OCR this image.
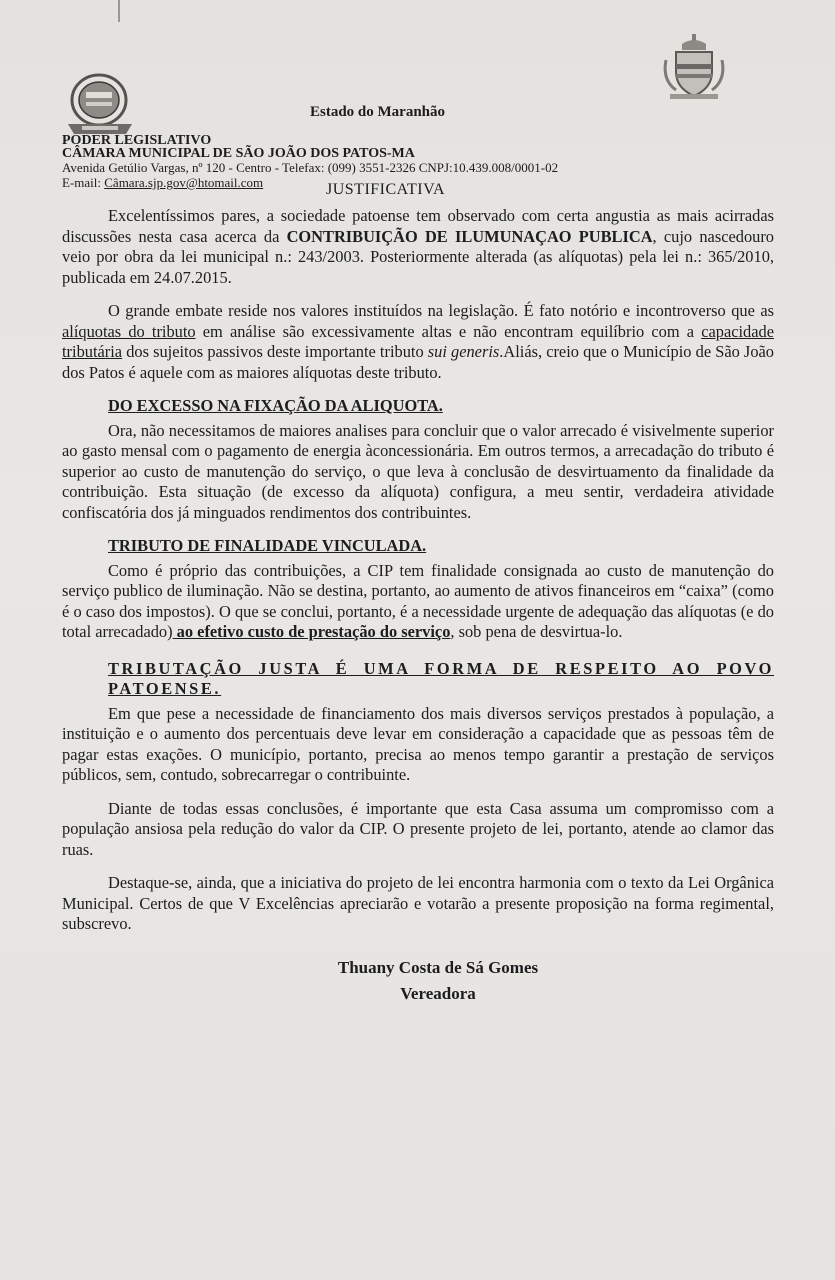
Estado do Maranhão
PODER LEGISLATIVO
CÂMARA MUNICIPAL DE SÃO JOÃO DOS PATOS-MA
Avenida Getúlio Vargas, nº 120 - Centro - Telefax: (099) 3551-2326 CNPJ:10.439.008/0001-02
E-mail: Câmara.sjp.gov@htomail.com	JUSTIFICATIVA

Excelentíssimos pares, a sociedade patoense tem observado com certa angustia as mais acirradas discussões nesta casa acerca da CONTRIBUIÇÃO DE ILUMUNAÇAO PUBLICA, cujo nascedouro veio por obra da lei municipal n.: 243/2003. Posteriormente alterada (as alíquotas) pela lei n.: 365/2010, publicada em 24.07.2015.

O grande embate reside nos valores instituídos na legislação. É fato notório e incontroverso que as alíquotas do tributo em análise são excessivamente altas e não encontram equilíbrio com a capacidade tributária dos sujeitos passivos deste importante tributo sui generis.Aliás, creio que o Município de São João dos Patos é aquele com as maiores alíquotas deste tributo.

DO EXCESSO NA FIXAÇÃO DA ALIQUOTA.

Ora, não necessitamos de maiores analises para concluir que o valor arrecado é visivelmente superior ao gasto mensal com o pagamento de energia àconcessionária. Em outros termos, a arrecadação do tributo é superior ao custo de manutenção do serviço, o que leva à conclusão de desvirtuamento da finalidade da contribuição. Esta situação (de excesso da alíquota) configura, a meu sentir, verdadeira atividade confiscatória dos já minguados rendimentos dos contribuintes.

TRIBUTO DE FINALIDADE VINCULADA.

Como é próprio das contribuições, a CIP tem finalidade consignada ao custo de manutenção do serviço publico de iluminação. Não se destina, portanto, ao aumento de ativos financeiros em “caixa” (como é o caso dos impostos). O que se conclui, portanto, é a necessidade urgente de adequação das alíquotas (e do total arrecadado) ao efetivo custo de prestação do serviço, sob pena de desvirtua-lo.

TRIBUTAÇÃO JUSTA É UMA FORMA DE RESPEITO AO POVO PATOENSE.

Em que pese a necessidade de financiamento dos mais diversos serviços prestados à população, a instituição e o aumento dos percentuais deve levar em consideração a capacidade que as pessoas têm de pagar estas exações. O município, portanto, precisa ao menos tempo garantir a prestação de serviços públicos, sem, contudo, sobrecarregar o contribuinte.

Diante de todas essas conclusões, é importante que esta Casa assuma um compromisso com a população ansiosa pela redução do valor da CIP. O presente projeto de lei, portanto, atende ao clamor das ruas.

Destaque-se, ainda, que a iniciativa do projeto de lei encontra harmonia com o texto da Lei Orgânica Municipal. Certos de que V Excelências apreciarão e votarão a presente proposição na forma regimental, subscrevo.

Thuany Costa de Sá Gomes
Vereadora
